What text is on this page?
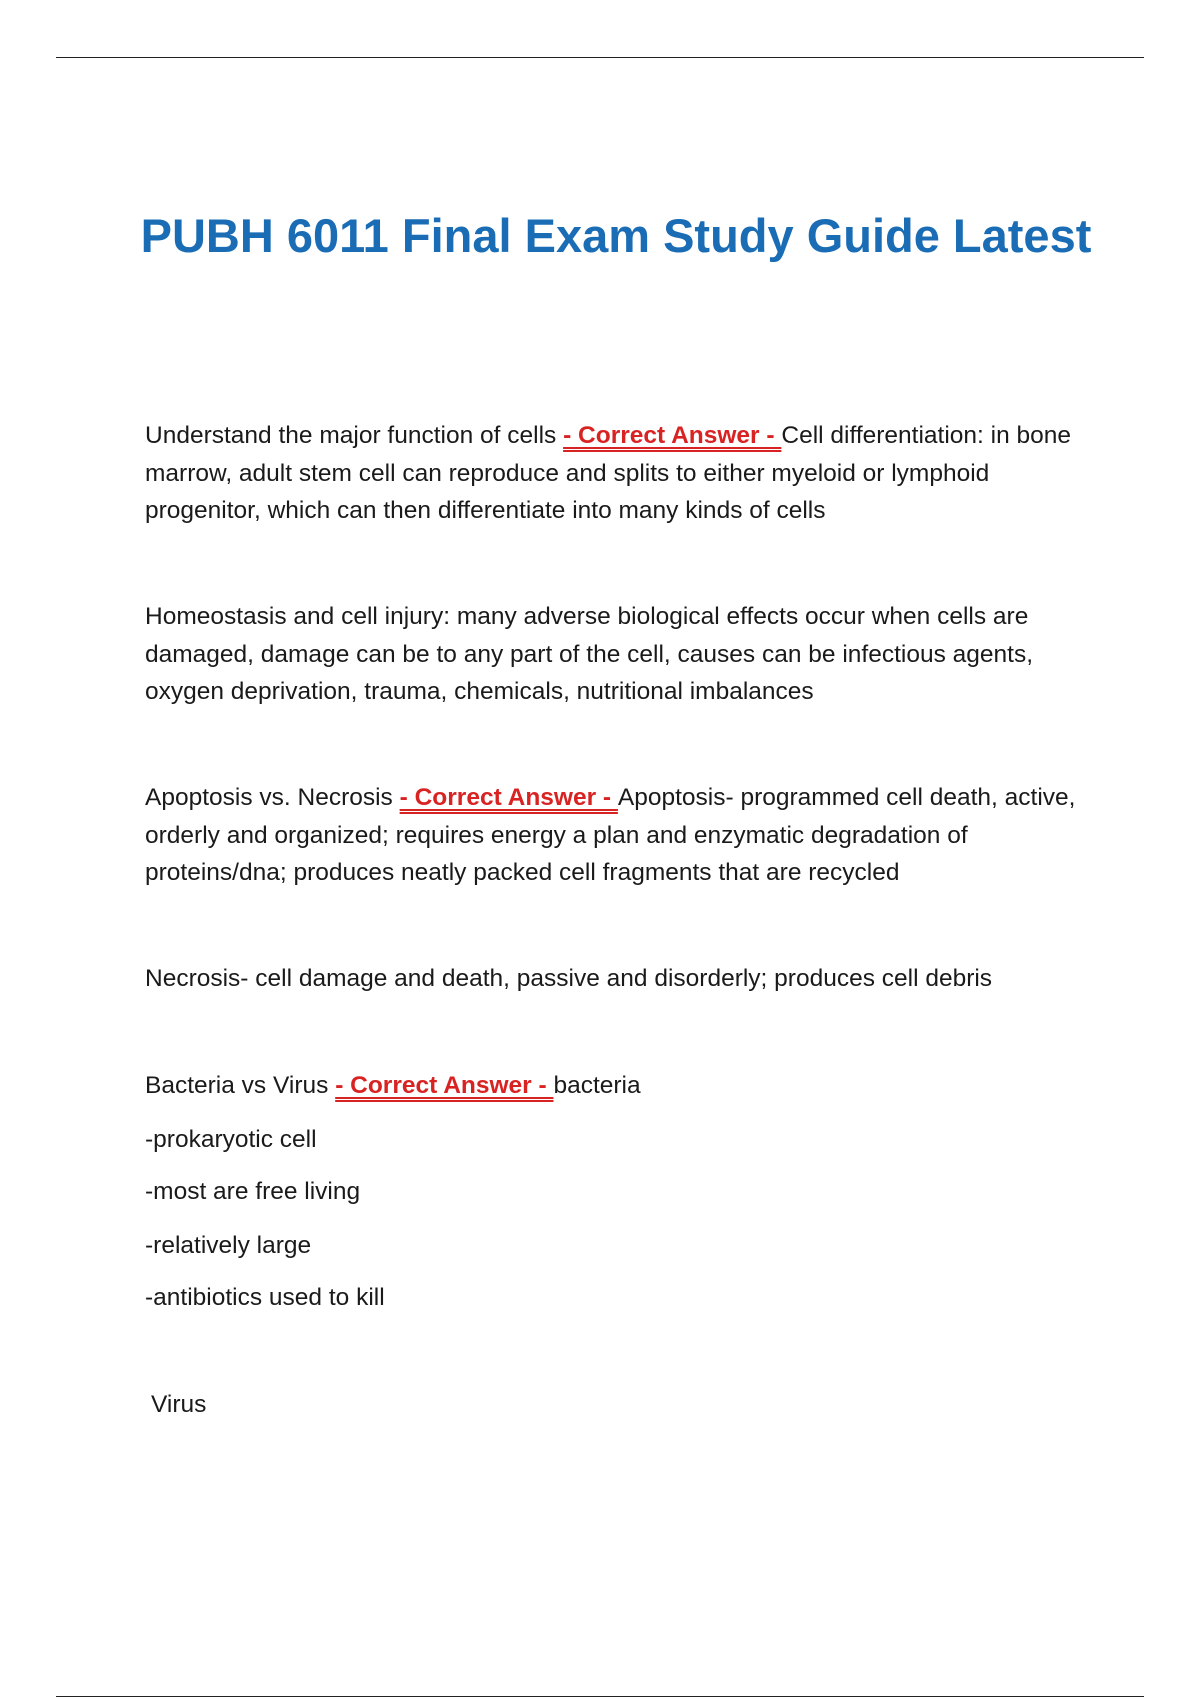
PUBH 6011 Final Exam Study Guide Latest

Understand the major function of cells - Correct Answer - Cell differentiation: in bone marrow, adult stem cell can reproduce and splits to either myeloid or lymphoid progenitor, which can then differentiate into many kinds of cells

Homeostasis and cell injury: many adverse biological effects occur when cells are damaged, damage can be to any part of the cell, causes can be infectious agents, oxygen deprivation, trauma, chemicals, nutritional imbalances

Apoptosis vs. Necrosis - Correct Answer - Apoptosis- programmed cell death, active, orderly and organized; requires energy a plan and enzymatic degradation of proteins/dna; produces neatly packed cell fragments that are recycled

Necrosis- cell damage and death, passive and disorderly; produces cell debris

Bacteria vs Virus - Correct Answer - bacteria

-prokaryotic cell

-most are free living

-relatively large

-antibiotics used to kill

Virus
